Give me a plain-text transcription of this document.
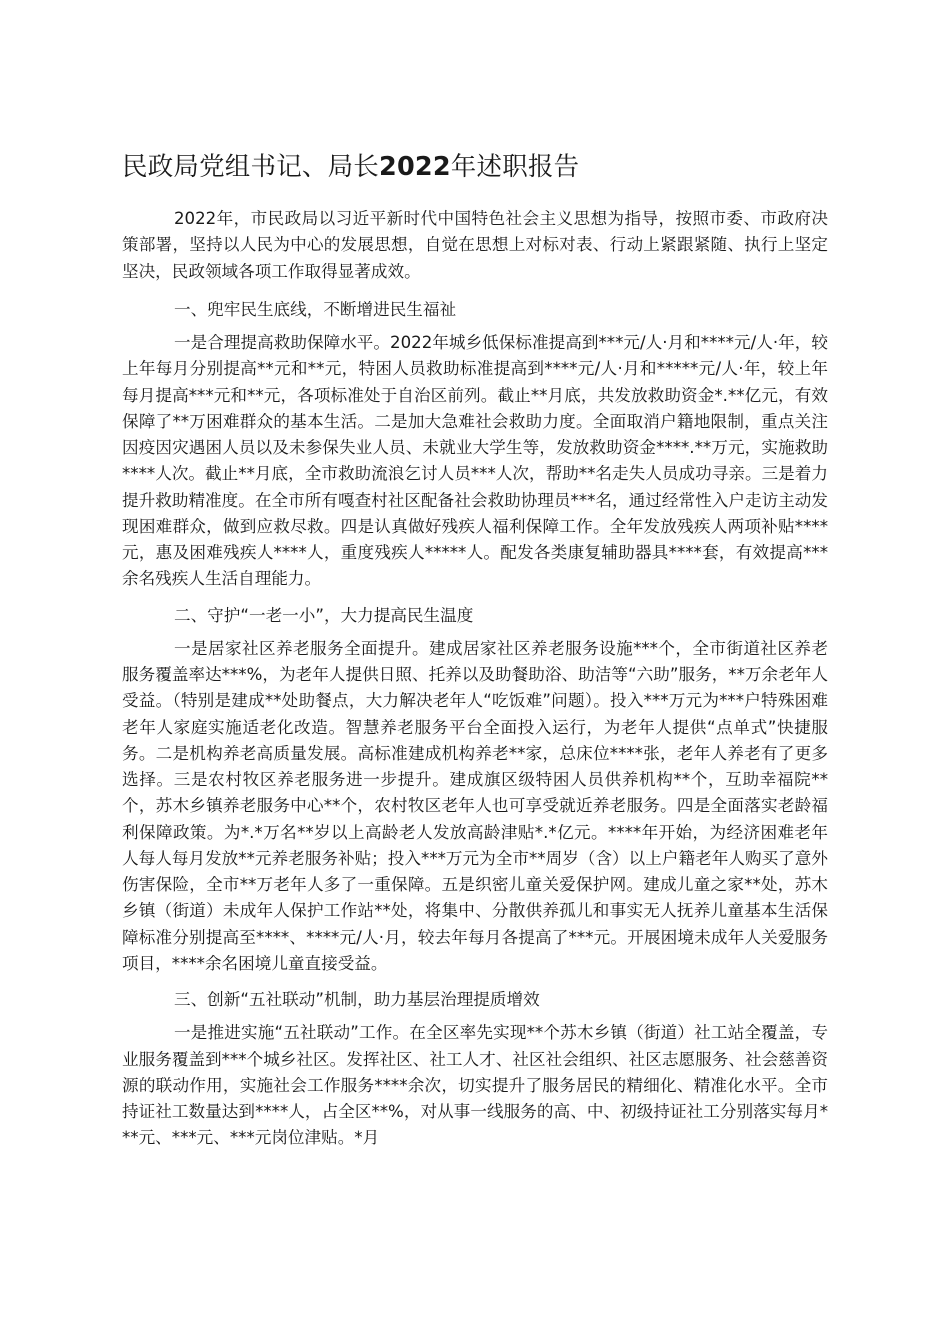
民政局党组书记、局长2022年述职报告

2022年，市民政局以习近平新时代中国特色社会主义思想为指导，按照市委、市政府决策部署，坚持以人民为中心的发展思想，自觉在思想上对标对表、行动上紧跟紧随、执行上坚定坚决，民政领域各项工作取得显著成效。

一、兜牢民生底线，不断增进民生福祉

一是合理提高救助保障水平。2022年城乡低保标准提高到***元/人·月和****元/人·年，较上年每月分别提高**元和**元，特困人员救助标准提高到****元/人·月和*****元/人·年，较上年每月提高***元和**元，各项标准处于自治区前列。截止**月底，共发放救助资金*.**亿元，有效保障了**万困难群众的基本生活。二是加大急难社会救助力度。全面取消户籍地限制，重点关注因疫因灾遇困人员以及未参保失业人员、未就业大学生等，发放救助资金****.**万元，实施救助****人次。截止**月底，全市救助流浪乞讨人员***人次，帮助**名走失人员成功寻亲。三是着力提升救助精准度。在全市所有嘎查村社区配备社会救助协理员***名，通过经常性入户走访主动发现困难群众，做到应救尽救。四是认真做好残疾人福利保障工作。全年发放残疾人两项补贴****元，惠及困难残疾人****人，重度残疾人*****人。配发各类康复辅助器具****套，有效提高***余名残疾人生活自理能力。

二、守护“一老一小”，大力提高民生温度

一是居家社区养老服务全面提升。建成居家社区养老服务设施***个，全市街道社区养老服务覆盖率达***%，为老年人提供日照、托养以及助餐助浴、助洁等“六助”服务，**万余老年人受益。（特别是建成**处助餐点，大力解决老年人“吃饭难”问题）。投入***万元为***户特殊困难老年人家庭实施适老化改造。智慧养老服务平台全面投入运行，为老年人提供“点单式”快捷服务。二是机构养老高质量发展。高标准建成机构养老**家，总床位****张，老年人养老有了更多选择。三是农村牧区养老服务进一步提升。建成旗区级特困人员供养机构**个，互助幸福院**个，苏木乡镇养老服务中心**个，农村牧区老年人也可享受就近养老服务。四是全面落实老龄福利保障政策。为*.*万名**岁以上高龄老人发放高龄津贴*.*亿元。****年开始，为经济困难老年人每人每月发放**元养老服务补贴；投入***万元为全市**周岁（含）以上户籍老年人购买了意外伤害保险，全市**万老年人多了一重保障。五是织密儿童关爱保护网。建成儿童之家**处，苏木乡镇（街道）未成年人保护工作站**处，将集中、分散供养孤儿和事实无人抚养儿童基本生活保障标准分别提高至****、****元/人·月，较去年每月各提高了***元。开展困境未成年人关爱服务项目，****余名困境儿童直接受益。

三、创新“五社联动”机制，助力基层治理提质增效

一是推进实施“五社联动”工作。在全区率先实现**个苏木乡镇（街道）社工站全覆盖，专业服务覆盖到***个城乡社区。发挥社区、社工人才、社区社会组织、社区志愿服务、社会慈善资源的联动作用，实施社会工作服务****余次，切实提升了服务居民的精细化、精准化水平。全市持证社工数量达到****人，占全区**%，对从事一线服务的高、中、初级持证社工分别落实每月***元、***元、***元岗位津贴。*月
